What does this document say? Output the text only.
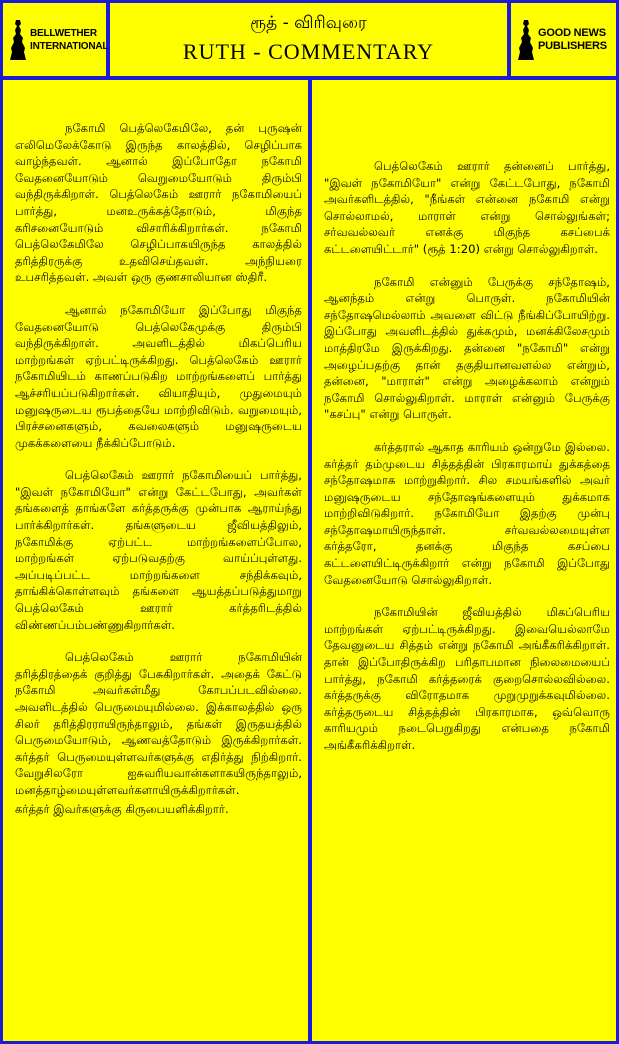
BELLWETHER
INTERNATIONAL
ரூத் - விரிவுரை
RUTH - COMMENTARY
GOOD NEWS
PUBLISHERS

நகோமி பெத்லெகேமிலே, தன் புருஷன் எலிமெலேக்கோடு இருந்த காலத்தில், செழிப்பாக வாழ்ந்தவள். ஆனால் இப்போதோ நகோமி வேதனையோடும் வெறுமையோடும் திரும்பி வந்திருக்கிறாள். பெத்லெகேம் ஊரார் நகோமியைப் பார்த்து, மனஉருக்கத்தோடும், மிகுந்த கரிசனையோடும் விசாரிக்கிறார்கள். நகோமி பெத்லெகேமிலே செழிப்பாகயிருந்த காலத்தில் தரித்திரருக்கு உதவிசெய்தவள். அந்நியரை உபசரித்தவள். அவள் ஒரு குணசாலியான ஸ்திரீ.

ஆனால் நகோமியோ இப்போது மிகுந்த வேதனையோடு பெத்லெகேமுக்கு திரும்பி வந்திருக்கிறாள். அவளிடத்தில் மிகப்பெரிய மாற்றங்கள் ஏற்பட்டிருக்கிறது. பெத்லெகேம் ஊரார் நகோமியிடம் காணப்படுகிற மாற்றங்களைப் பார்த்து ஆச்சரியப்படுகிறார்கள். வியாதியும், முதுமையும் மனுஷருடைய ரூபத்தையே மாற்றிவிடும். வறுமையும், பிரச்சனைகளும், கவலைகளும் மனுஷருடைய முகக்களையை நீக்கிப்போடும்.

பெத்லெகேம் ஊரார் நகோமியைப் பார்த்து, "இவள் நகோமியோ" என்று கேட்டபோது, அவர்கள் தங்களைத் தாங்களே கர்த்தருக்கு முன்பாக ஆராய்ந்து பார்க்கிறார்கள். தங்களுடைய ஜீவியத்திலும், நகோமிக்கு ஏற்பட்ட மாற்றங்களைப்போல, மாற்றங்கள் ஏற்படுவதற்கு வாய்ப்புள்ளது. அப்படிப்பட்ட மாற்றங்களை சந்திக்கவும், தாங்கிக்கொள்ளவும் தங்களை ஆயத்தப்படுத்துமாறு பெத்லெகேம் ஊரார் கர்த்தரிடத்தில் விண்ணப்பம்பண்ணுகிறார்கள்.

பெத்லெகேம் ஊரார் நகோமியின் தரித்திரத்தைக் குறித்து பேசுகிறார்கள். அதைக் கேட்டு நகோமி அவர்கள்மீது கோபப்படவில்லை. அவளிடத்தில் பெருமையுமில்லை. இக்காலத்தில் ஒரு சிலர் தரித்திரராயிருந்தாலும், தங்கள் இருதயத்தில் பெருமையோடும், ஆணவத்தோடும் இருக்கிறார்கள். கர்த்தர் பெருமையுள்ளவர்களுக்கு எதிர்த்து நிற்கிறார். வேறுசிலரோ ஐசுவரியவான்களாகயிருந்தாலும், மனத்தாழ்மையுள்ளவர்களாயிருக்கிறார்கள்.

கர்த்தர் இவர்களுக்கு கிருபையளிக்கிறார்.

பெத்லெகேம் ஊரார் தன்னைப் பார்த்து, "இவள் நகோமியோ" என்று கேட்டபோது, நகோமி அவர்களிடத்தில், "நீங்கள் என்னை நகோமி என்று சொல்லாமல், மாராள் என்று சொல்லுங்கள்; சர்வவல்லவர் எனக்கு மிகுந்த கசப்பைக் கட்டளையிட்டார்" (ரூத் 1:20) என்று சொல்லுகிறாள்.

நகோமி என்னும் பேருக்கு சந்தோஷம், ஆனந்தம் என்று பொருள். நகோமியின் சந்தோஷமெல்லாம் அவளை விட்டு நீங்கிப்போயிற்று. இப்போது அவளிடத்தில் துக்கமும், மனக்கிலேசமும் மாத்திரமே இருக்கிறது. தன்னை "நகோமி" என்று அழைப்பதற்கு தான் தகுதியானவளல்ல என்றும், தன்னை, "மாராள்" என்று அழைக்கலாம் என்றும் நகோமி சொல்லுகிறாள். மாராள் என்னும் பேருக்கு "கசப்பு" என்று பொருள்.

கர்த்தரால் ஆகாத காரியம் ஒன்றுமே இல்லை. கர்த்தர் தம்முடைய சித்தத்தின் பிரகாரமாய் துக்கத்தை சந்தோஷமாக மாற்றுகிறார். சில சமயங்களில் அவர் மனுஷருடைய சந்தோஷங்களையும் துக்கமாக மாற்றிவிடுகிறார். நகோமியோ இதற்கு முன்பு சந்தோஷமாயிருந்தாள். சர்வவல்லமையுள்ள கர்த்தரோ, தனக்கு மிகுந்த கசப்பை கட்டளையிட்டிருக்கிறார் என்று நகோமி இப்போது வேதனையோடு சொல்லுகிறாள்.

நகோமியின் ஜீவியத்தில் மிகப்பெரிய மாற்றங்கள் ஏற்பட்டிருக்கிறது. இவையெல்லாமே தேவனுடைய சித்தம் என்று நகோமி அங்கீகரிக்கிறாள். தான் இப்போதிருக்கிற பரிதாபமான நிலைமையைப் பார்த்து, நகோமி கர்த்தரைக் குறைசொல்லவில்லை. கர்த்தருக்கு விரோதமாக முறுமுறுக்கவுமில்லை. கர்த்தருடைய சித்தத்தின் பிரகாரமாக, ஒவ்வொரு காரியமும் நடைபெறுகிறது என்பதை நகோமி அங்கீகரிக்கிறாள்.
